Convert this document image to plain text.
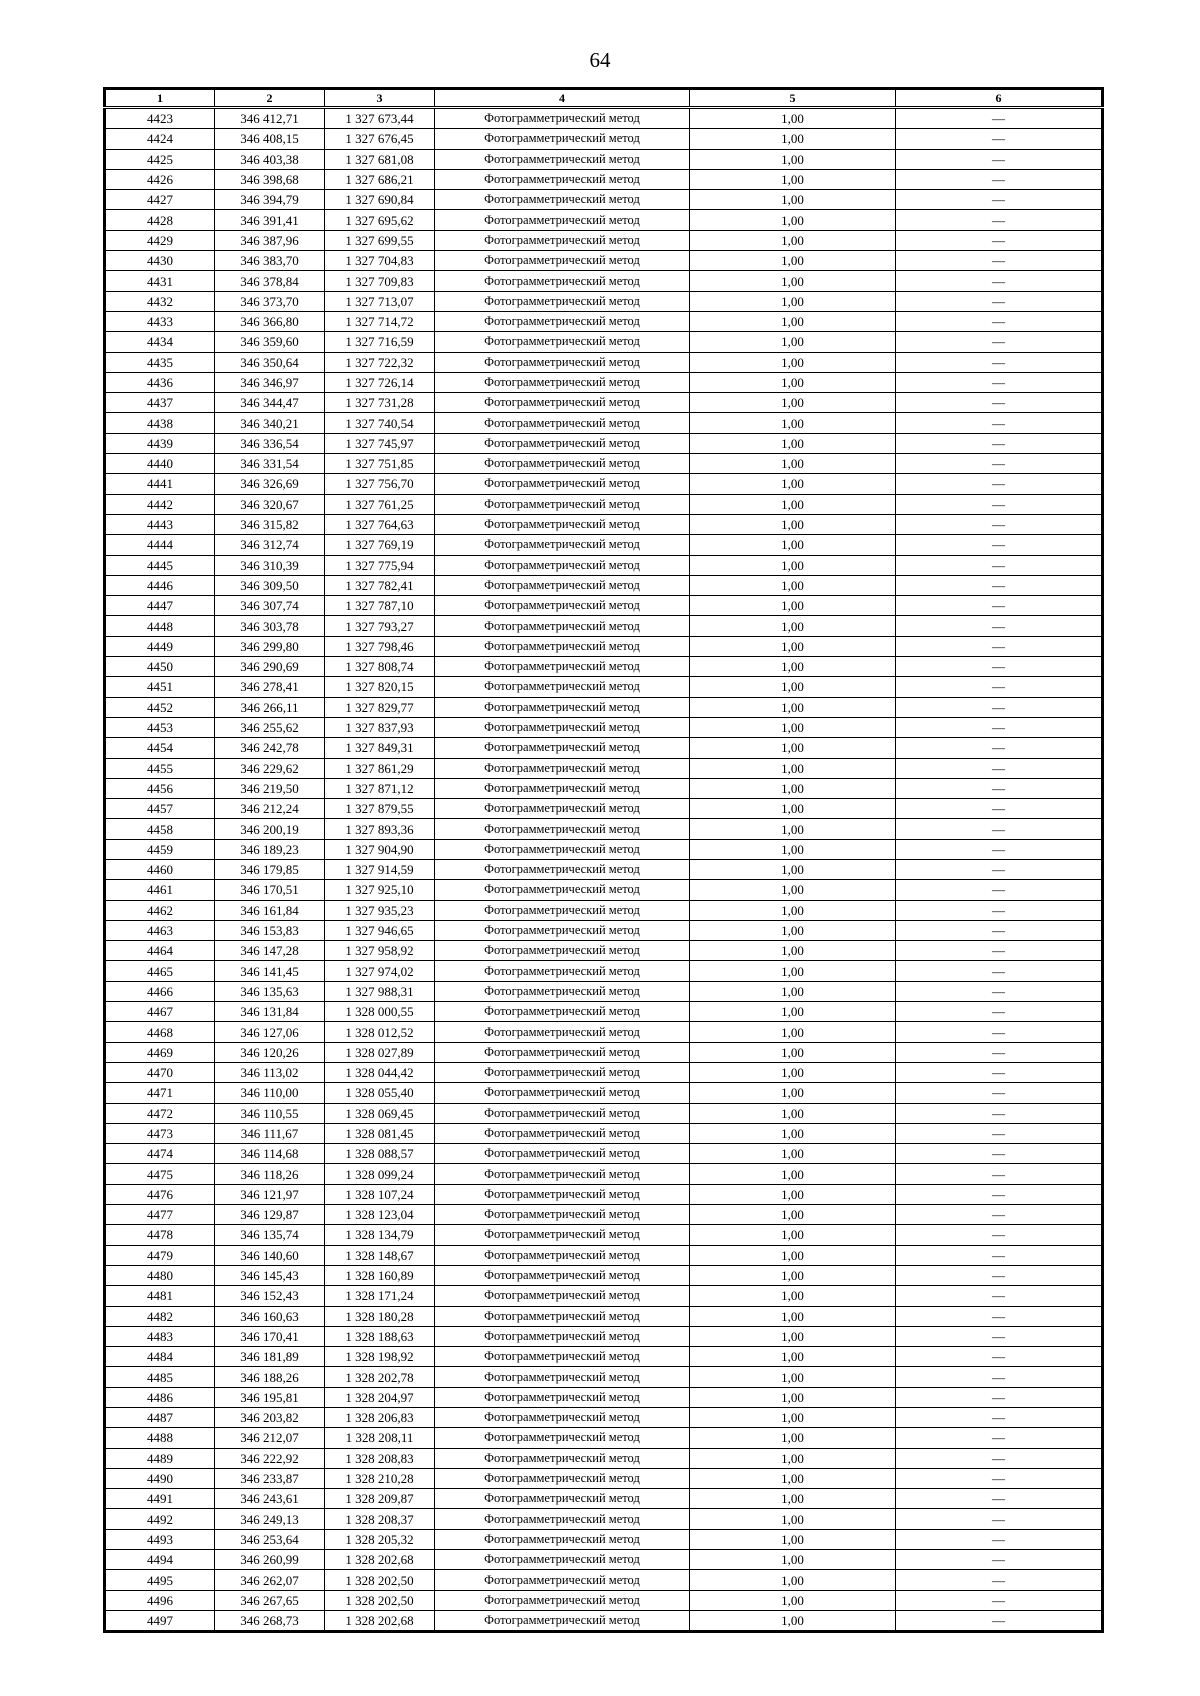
64
1	2	3	4	5	6
4423	346 412,71	1 327 673,44	Фотограмметрический метод	1,00	—
4424	346 408,15	1 327 676,45	Фотограмметрический метод	1,00	—
4425	346 403,38	1 327 681,08	Фотограмметрический метод	1,00	—
4426	346 398,68	1 327 686,21	Фотограмметрический метод	1,00	—
4427	346 394,79	1 327 690,84	Фотограмметрический метод	1,00	—
4428	346 391,41	1 327 695,62	Фотограмметрический метод	1,00	—
4429	346 387,96	1 327 699,55	Фотограмметрический метод	1,00	—
4430	346 383,70	1 327 704,83	Фотограмметрический метод	1,00	—
4431	346 378,84	1 327 709,83	Фотограмметрический метод	1,00	—
4432	346 373,70	1 327 713,07	Фотограмметрический метод	1,00	—
4433	346 366,80	1 327 714,72	Фотограмметрический метод	1,00	—
4434	346 359,60	1 327 716,59	Фотограмметрический метод	1,00	—
4435	346 350,64	1 327 722,32	Фотограмметрический метод	1,00	—
4436	346 346,97	1 327 726,14	Фотограмметрический метод	1,00	—
4437	346 344,47	1 327 731,28	Фотограмметрический метод	1,00	—
4438	346 340,21	1 327 740,54	Фотограмметрический метод	1,00	—
4439	346 336,54	1 327 745,97	Фотограмметрический метод	1,00	—
4440	346 331,54	1 327 751,85	Фотограмметрический метод	1,00	—
4441	346 326,69	1 327 756,70	Фотограмметрический метод	1,00	—
4442	346 320,67	1 327 761,25	Фотограмметрический метод	1,00	—
4443	346 315,82	1 327 764,63	Фотограмметрический метод	1,00	—
4444	346 312,74	1 327 769,19	Фотограмметрический метод	1,00	—
4445	346 310,39	1 327 775,94	Фотограмметрический метод	1,00	—
4446	346 309,50	1 327 782,41	Фотограмметрический метод	1,00	—
4447	346 307,74	1 327 787,10	Фотограмметрический метод	1,00	—
4448	346 303,78	1 327 793,27	Фотограмметрический метод	1,00	—
4449	346 299,80	1 327 798,46	Фотограмметрический метод	1,00	—
4450	346 290,69	1 327 808,74	Фотограмметрический метод	1,00	—
4451	346 278,41	1 327 820,15	Фотограмметрический метод	1,00	—
4452	346 266,11	1 327 829,77	Фотограмметрический метод	1,00	—
4453	346 255,62	1 327 837,93	Фотограмметрический метод	1,00	—
4454	346 242,78	1 327 849,31	Фотограмметрический метод	1,00	—
4455	346 229,62	1 327 861,29	Фотограмметрический метод	1,00	—
4456	346 219,50	1 327 871,12	Фотограмметрический метод	1,00	—
4457	346 212,24	1 327 879,55	Фотограмметрический метод	1,00	—
4458	346 200,19	1 327 893,36	Фотограмметрический метод	1,00	—
4459	346 189,23	1 327 904,90	Фотограмметрический метод	1,00	—
4460	346 179,85	1 327 914,59	Фотограмметрический метод	1,00	—
4461	346 170,51	1 327 925,10	Фотограмметрический метод	1,00	—
4462	346 161,84	1 327 935,23	Фотограмметрический метод	1,00	—
4463	346 153,83	1 327 946,65	Фотограмметрический метод	1,00	—
4464	346 147,28	1 327 958,92	Фотограмметрический метод	1,00	—
4465	346 141,45	1 327 974,02	Фотограмметрический метод	1,00	—
4466	346 135,63	1 327 988,31	Фотограмметрический метод	1,00	—
4467	346 131,84	1 328 000,55	Фотограмметрический метод	1,00	—
4468	346 127,06	1 328 012,52	Фотограмметрический метод	1,00	—
4469	346 120,26	1 328 027,89	Фотограмметрический метод	1,00	—
4470	346 113,02	1 328 044,42	Фотограмметрический метод	1,00	—
4471	346 110,00	1 328 055,40	Фотограмметрический метод	1,00	—
4472	346 110,55	1 328 069,45	Фотограмметрический метод	1,00	—
4473	346 111,67	1 328 081,45	Фотограмметрический метод	1,00	—
4474	346 114,68	1 328 088,57	Фотограмметрический метод	1,00	—
4475	346 118,26	1 328 099,24	Фотограмметрический метод	1,00	—
4476	346 121,97	1 328 107,24	Фотограмметрический метод	1,00	—
4477	346 129,87	1 328 123,04	Фотограмметрический метод	1,00	—
4478	346 135,74	1 328 134,79	Фотограмметрический метод	1,00	—
4479	346 140,60	1 328 148,67	Фотограмметрический метод	1,00	—
4480	346 145,43	1 328 160,89	Фотограмметрический метод	1,00	—
4481	346 152,43	1 328 171,24	Фотограмметрический метод	1,00	—
4482	346 160,63	1 328 180,28	Фотограмметрический метод	1,00	—
4483	346 170,41	1 328 188,63	Фотограмметрический метод	1,00	—
4484	346 181,89	1 328 198,92	Фотограмметрический метод	1,00	—
4485	346 188,26	1 328 202,78	Фотограмметрический метод	1,00	—
4486	346 195,81	1 328 204,97	Фотограмметрический метод	1,00	—
4487	346 203,82	1 328 206,83	Фотограмметрический метод	1,00	—
4488	346 212,07	1 328 208,11	Фотограмметрический метод	1,00	—
4489	346 222,92	1 328 208,83	Фотограмметрический метод	1,00	—
4490	346 233,87	1 328 210,28	Фотограмметрический метод	1,00	—
4491	346 243,61	1 328 209,87	Фотограмметрический метод	1,00	—
4492	346 249,13	1 328 208,37	Фотограмметрический метод	1,00	—
4493	346 253,64	1 328 205,32	Фотограмметрический метод	1,00	—
4494	346 260,99	1 328 202,68	Фотограмметрический метод	1,00	—
4495	346 262,07	1 328 202,50	Фотограмметрический метод	1,00	—
4496	346 267,65	1 328 202,50	Фотограмметрический метод	1,00	—
4497	346 268,73	1 328 202,68	Фотограмметрический метод	1,00	—
